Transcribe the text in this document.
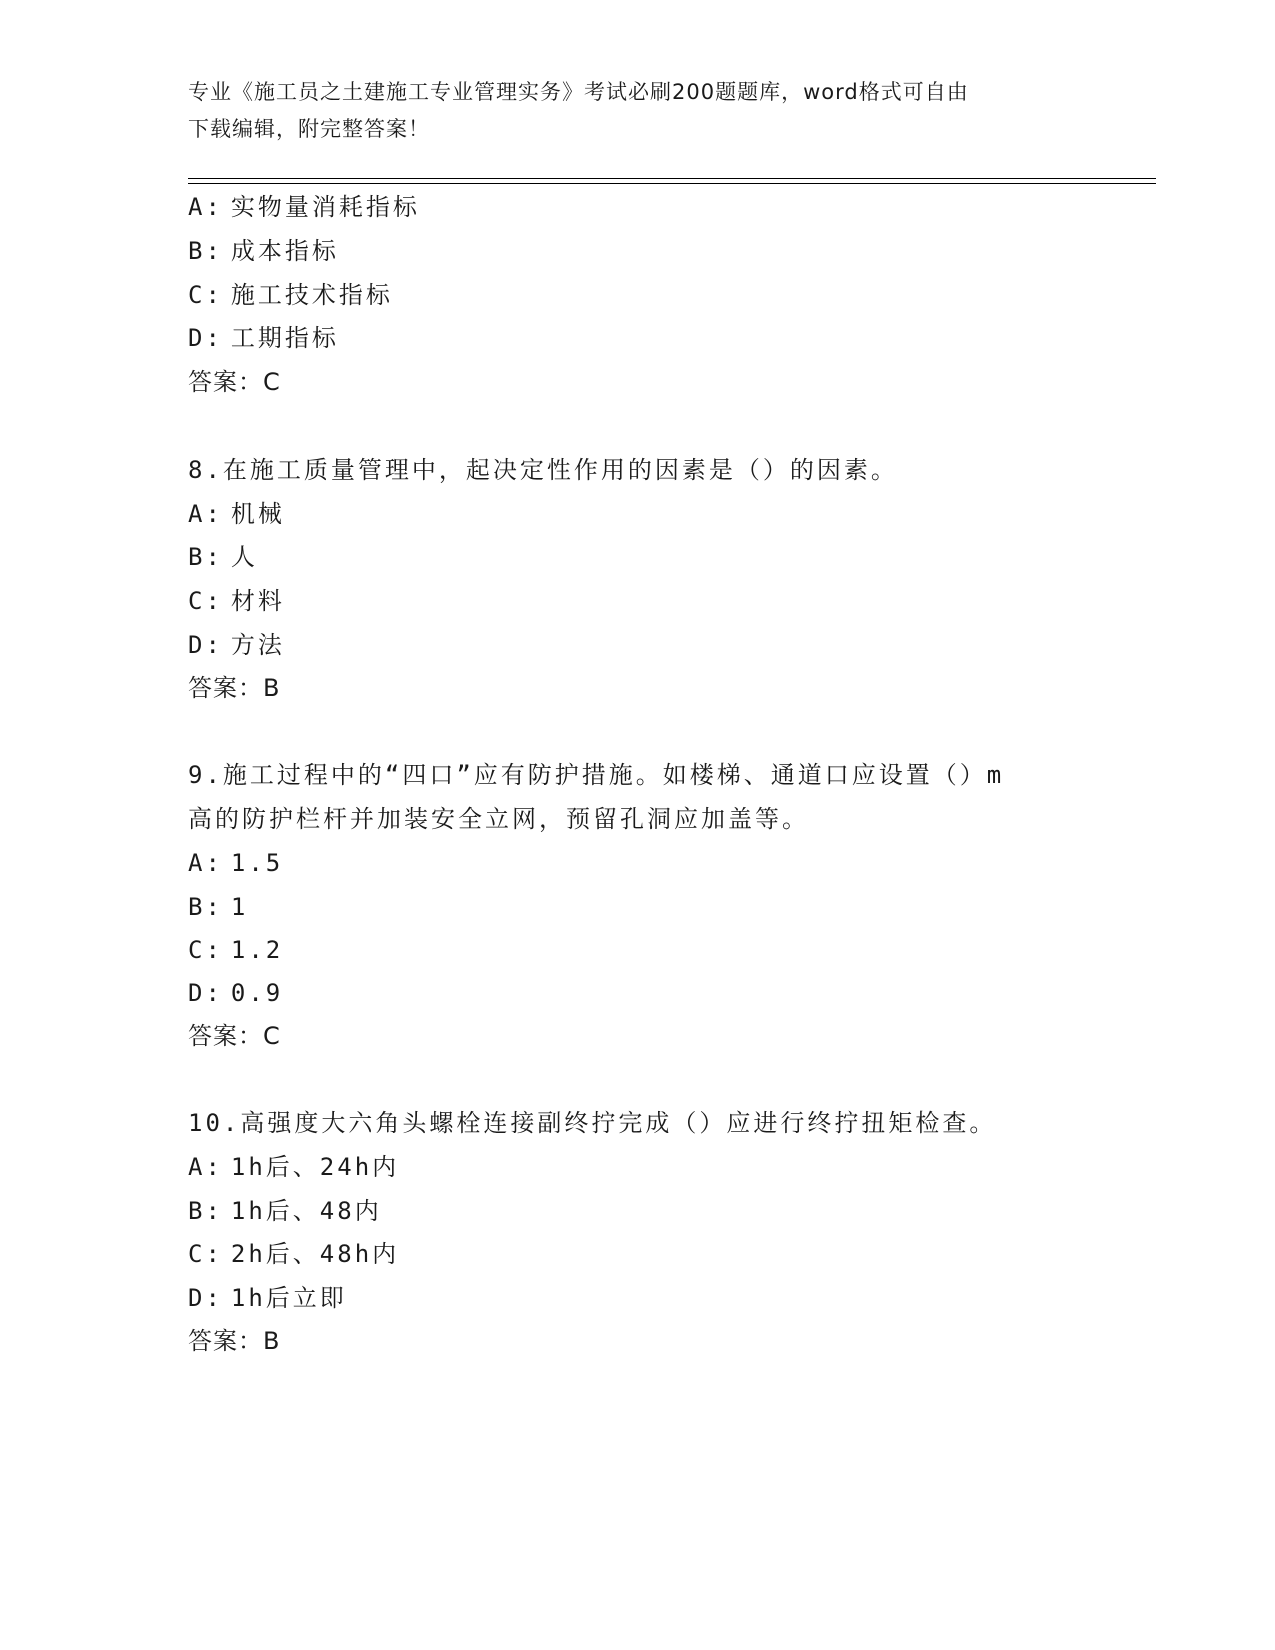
专业《施工员之土建施工专业管理实务》考试必刷200题题库，word格式可自由
下载编辑，附完整答案！
A: 实物量消耗指标
B: 成本指标
C: 施工技术指标
D: 工期指标
答案：C
8.在施工质量管理中，起决定性作用的因素是（）的因素。
A: 机械
B: 人
C: 材料
D: 方法
答案：B
9.施工过程中的“四口”应有防护措施。如楼梯、通道口应设置（）m
高的防护栏杆并加装安全立网，预留孔洞应加盖等。
A: 1.5
B: 1
C: 1.2
D: 0.9
答案：C
10.高强度大六角头螺栓连接副终拧完成（）应进行终拧扭矩检查。
A: 1h后、24h内
B: 1h后、48内
C: 2h后、48h内
D: 1h后立即
答案：B
